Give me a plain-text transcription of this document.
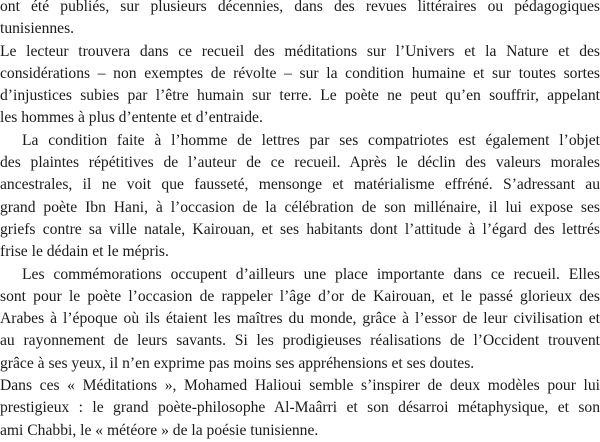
ont été publiés, sur plusieurs décennies, dans des revues littéraires ou pédagogiques
tunisiennes.
Le lecteur trouvera dans ce recueil des méditations sur l’Univers et la Nature et des
considérations – non exemptes de révolte – sur la condition humaine et sur toutes sortes
d’injustices subies par l’être humain sur terre. Le poète ne peut qu’en souffrir, appelant
les hommes à plus d’entente et d’entraide.
La condition faite à l’homme de lettres par ses compatriotes est également l’objet
des plaintes répétitives de l’auteur de ce recueil. Après le déclin des valeurs morales
ancestrales, il ne voit que fausseté, mensonge et matérialisme effréné. S’adressant au
grand poète Ibn Hani, à l’occasion de la célébration de son millénaire, il lui expose ses
griefs contre sa ville natale, Kairouan, et ses habitants dont l’attitude à l’égard des lettrés
frise le dédain et le mépris.
Les commémorations occupent d’ailleurs une place importante dans ce recueil. Elles
sont pour le poète l’occasion de rappeler l’âge d’or de Kairouan, et le passé glorieux des
Arabes à l’époque où ils étaient les maîtres du monde, grâce à l’essor de leur civilisation et
au rayonnement de leurs savants. Si les prodigieuses réalisations de l’Occident trouvent
grâce à ses yeux, il n’en exprime pas moins ses appréhensions et ses doutes.
Dans ces « Méditations », Mohamed Halioui semble s’inspirer de deux modèles pour lui
prestigieux : le grand poète-philosophe Al-Maârri et son désarroi métaphysique, et son
ami Chabbi, le « météore » de la poésie tunisienne.
